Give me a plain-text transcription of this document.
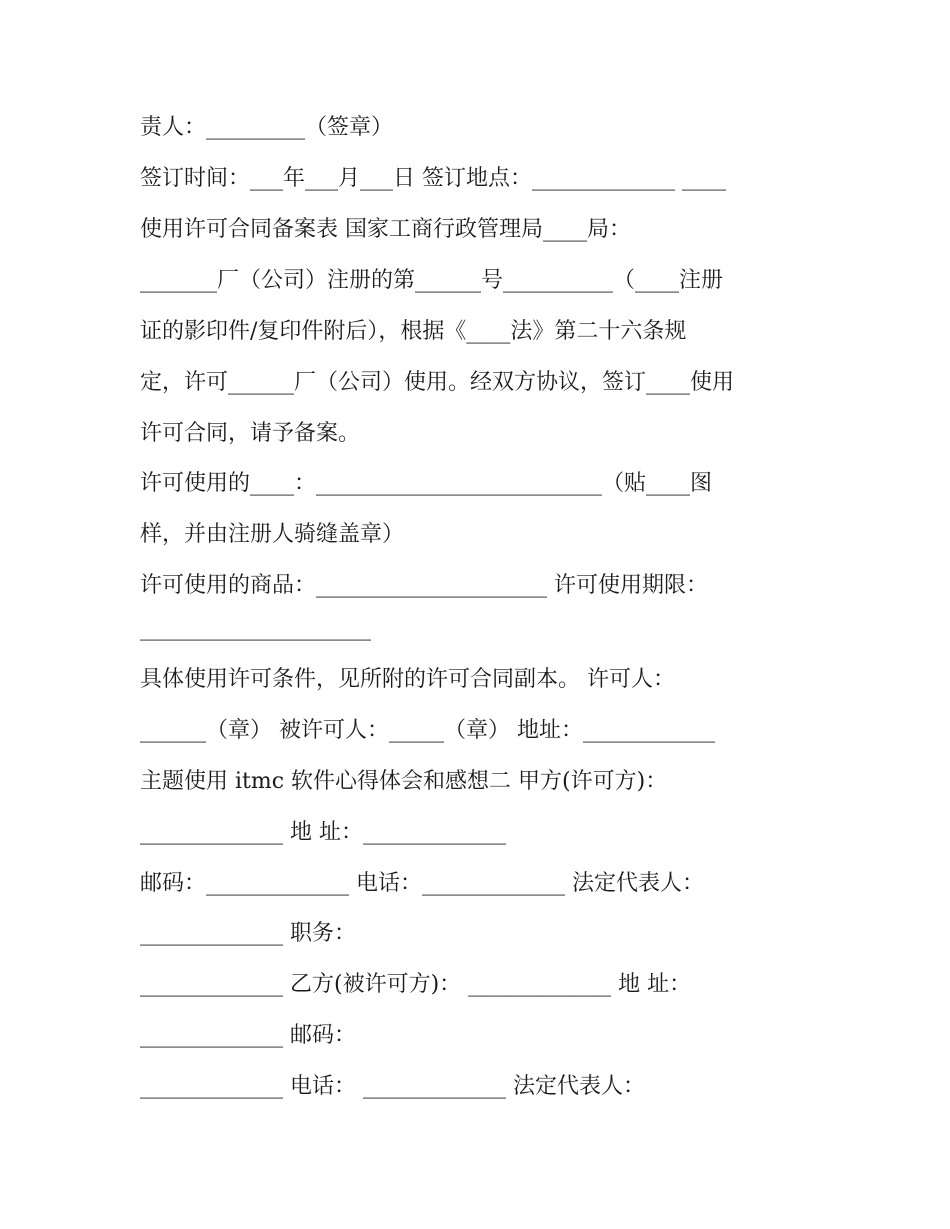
责人：_________（签章）
签订时间：___年___月___日 签订地点：_____________ ____
使用许可合同备案表 国家工商行政管理局____局：
_______厂（公司）注册的第______号__________（____注册
证的影印件/复印件附后），根据《____法》第二十六条规
定，许可______厂（公司）使用。经双方协议，签订____使用
许可合同，请予备案。
许可使用的____：__________________________（贴____图
样，并由注册人骑缝盖章）
许可使用的商品：_____________________ 许可使用期限：
_____________________
具体使用许可条件，见所附的许可合同副本。 许可人：
______（章） 被许可人：_____（章） 地址：____________
主题使用 itmc 软件心得体会和感想二 甲方(许可方)：
_____________ 地 址：_____________
邮码：_____________ 电话：_____________ 法定代表人：
_____________ 职务：
_____________ 乙方(被许可方)： _____________ 地 址：
_____________ 邮码：
_____________ 电话： _____________ 法定代表人：
